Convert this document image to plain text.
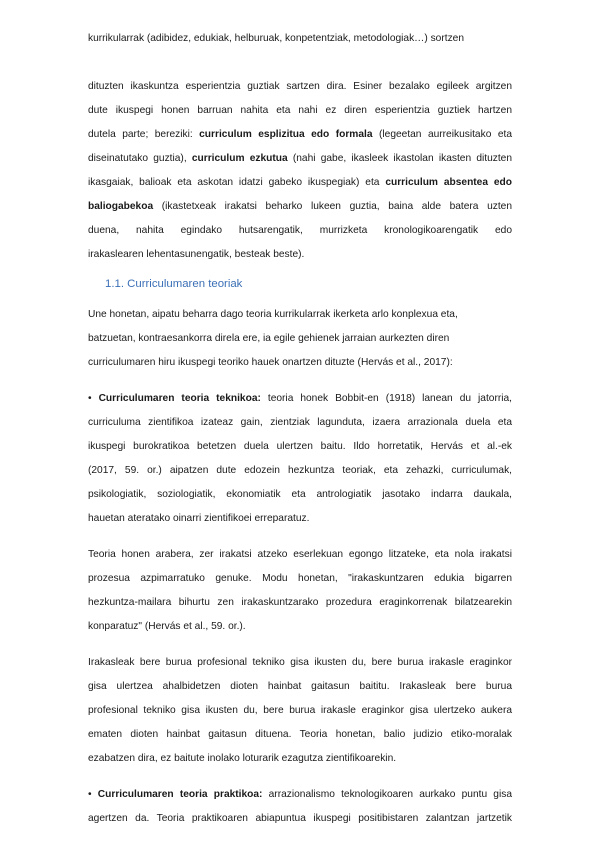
kurrikularrak (adibidez, edukiak, helburuak, konpetentziak, metodologiak…) sortzen
dituzten ikaskuntza esperientzia guztiak sartzen dira. Esiner bezalako egileek argitzen
dute ikuspegi honen barruan nahita eta nahi ez diren esperientzia guztiek hartzen
dutela parte; bereziki: curriculum esplizitua edo formala (legeetan aurreikusitako eta
diseinatutako guztia), curriculum ezkutua (nahi gabe, ikasleek ikastolan ikasten dituzten
ikasgaiak, balioak eta askotan idatzi gabeko ikuspegiak) eta curriculum absentea edo
baliogabekoa (ikastetxeak irakatsi beharko lukeen guztia, baina alde batera uzten
duena, nahita egindako hutsarengatik, murrizketa kronologikoarengatik edo
irakaslearen lehentasunengatik, besteak beste).
1.1. Curriculumaren teoriak
Une honetan, aipatu beharra dago teoria kurrikularrak ikerketa arlo konplexua eta,
batzuetan, kontraesankorra direla ere, ia egile gehienek jarraian aurkezten diren
curriculumaren hiru ikuspegi teoriko hauek onartzen dituzte (Hervás et al., 2017):
• Curriculumaren teoria teknikoa: teoria honek Bobbit-en (1918) lanean du jatorria,
curriculuma zientifikoa izateaz gain, zientziak lagunduta, izaera arrazionala duela eta
ikuspegi burokratikoa betetzen duela ulertzen baitu. Ildo horretatik, Hervás et al.-ek
(2017, 59. or.) aipatzen dute edozein hezkuntza teoriak, eta zehazki, curriculumak,
psikologiatik, soziologiatik, ekonomiatik eta antrologiatik jasotako indarra daukala,
hauetan ateratako oinarri zientifikoei erreparatuz.
Teoria honen arabera, zer irakatsi atzeko eserlekuan egongo litzateke, eta nola irakatsi
prozesua azpimarratuko genuke. Modu honetan, "irakaskuntzaren edukia bigarren
hezkuntza-mailara bihurtu zen irakaskuntzarako prozedura eraginkorrenak bilatzearekin
konparatuz" (Hervás et al., 59. or.).
Irakasleak bere burua profesional tekniko gisa ikusten du, bere burua irakasle eraginkor
gisa ulertzea ahalbidetzen dioten hainbat gaitasun baititu. Irakasleak bere burua
profesional tekniko gisa ikusten du, bere burua irakasle eraginkor gisa ulertzeko aukera
ematen dioten hainbat gaitasun dituena. Teoria honetan, balio judizio etiko-moralak
ezabatzen dira, ez baitute inolako loturarik ezagutza zientifikoarekin.
• Curriculumaren teoria praktikoa: arrazionalismo teknologikoaren aurkako puntu gisa
agertzen da. Teoria praktikoaren abiapuntua ikuspegi positibistaren zalantzan jartzetik
